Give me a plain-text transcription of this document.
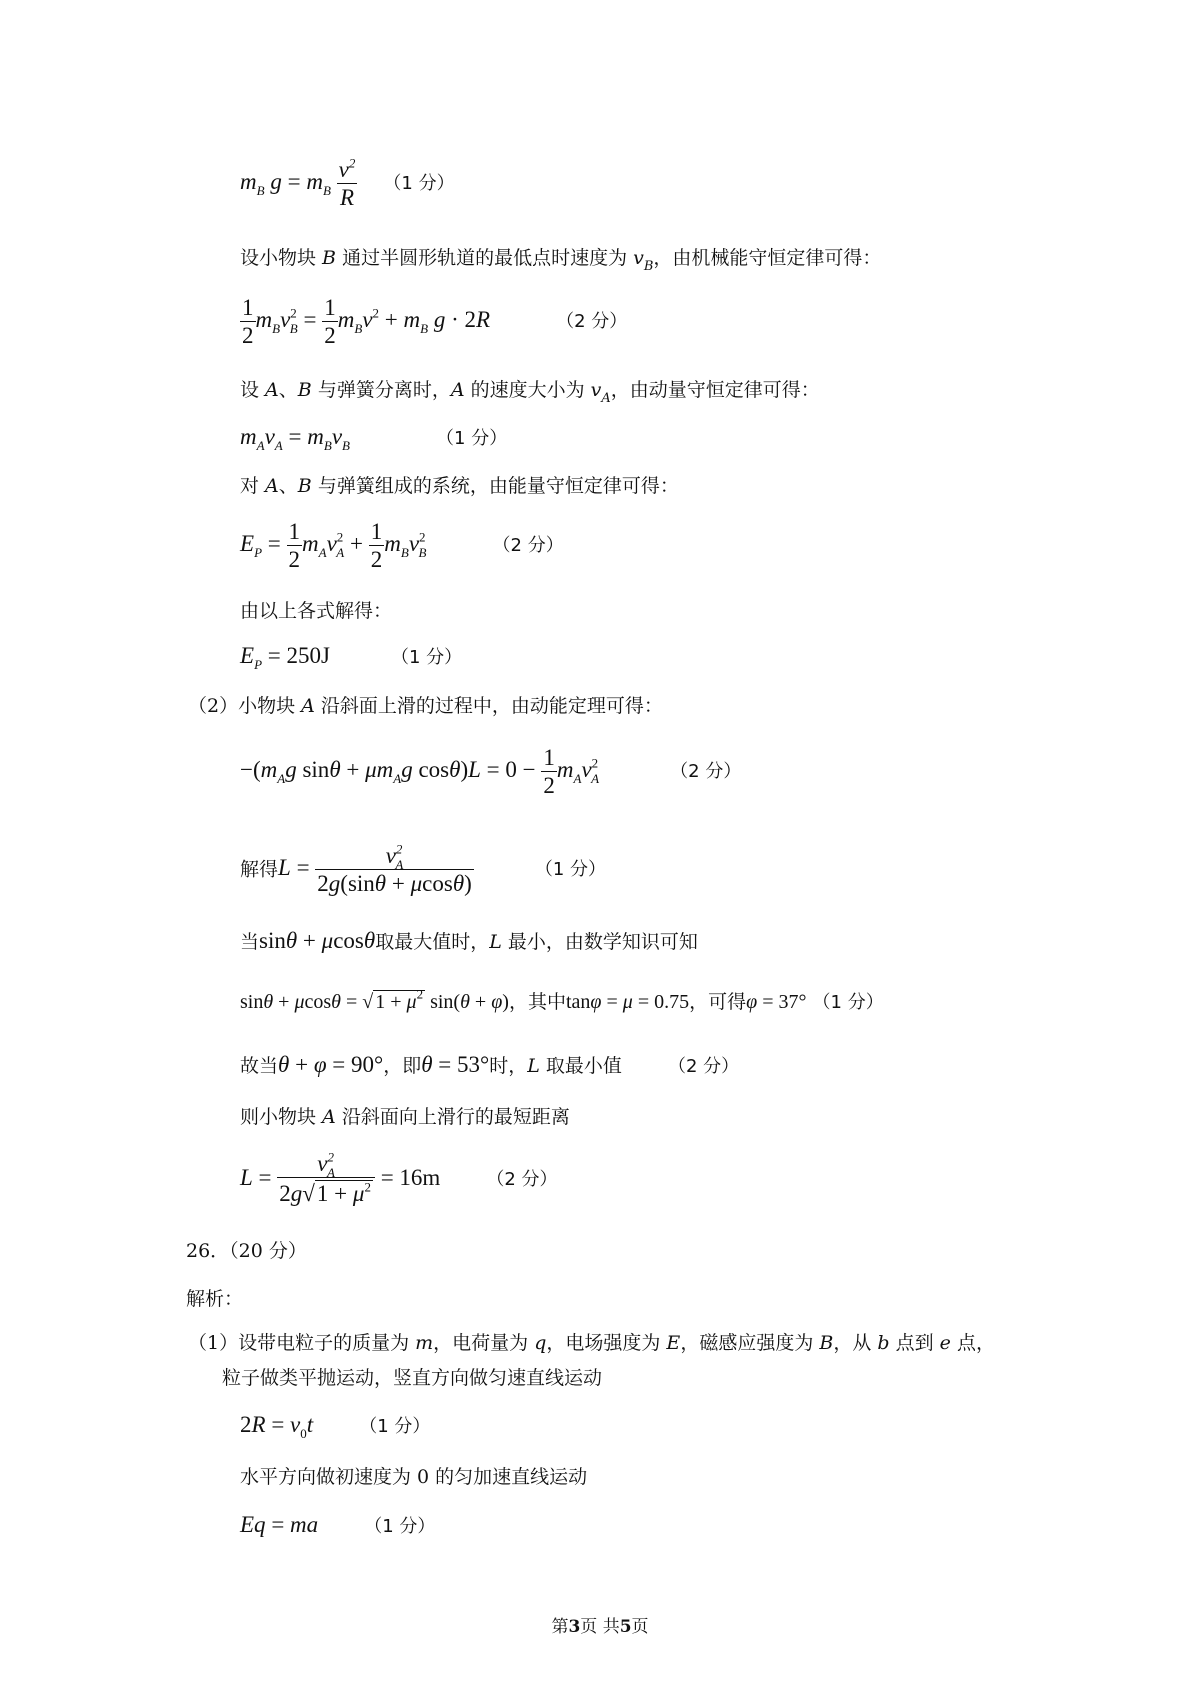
$m_B$ $g = m_B \frac{v^2}{R} (1$ 分）
设小物块 B 通过半圆形轨道的最低点时速度为 $v_B$，由机械能守恒定律可得：
$\frac{1}{2} m_Bv^2_B = \frac{1}{2} m_Bv^2 + m_B$ g · 2R	（2 分）
设 A、B 与弹簧分离时，A 的速度大小为 $v_A$，由动量守恒定律可得：
$m_Av_A = m_Bv_B$	（1 分）
对 A、B 与弹簧组成的系统，由能量守恒定律可得：
$E_P = \frac{1}{2} m_Av^2_A + \frac{1}{2} m_Bv^2_B$	（2 分）
由以上各式解得：
$E_P = 250J$	（1 分）
（2）小物块 A 沿斜面上滑的过程中，由动能定理可得：
$-(m_Ag$ $\sin\theta + \mu m_Ag$ $\cos\theta)L = 0 - \frac{1}{2} m_Av^2_A$	（2 分）
解得$L = \frac{v^2_A}{2g(\sin\theta + \mu\cos\theta)}$	（1 分）
当sinθ + μcosθ取最大值时，L 最小，由数学知识可知
sinθ + μcosθ = √ $1 + \mu^2$ sin(θ + φ)，其中tanφ = μ = 0.75，可得φ = 37° （1 分）
故当θ + φ = 90°，即θ = 53°时，L 取最小值	（2 分）
则小物块 A 沿斜面向上滑行的最短距离
$L = \frac{v^2_A}{2g√1 + \mu^2} = 16m$	（2 分）
26．（20 分）
解析：
（1）设带电粒子的质量为 m，电荷量为 q，电场强度为 E，磁感应强度为 B，从 b 点到 e 点，
粒子做类平抛运动，竖直方向做匀速直线运动
$2R = v_0t$	（1 分）
水平方向做初速度为 0 的匀加速直线运动
Eq = ma	（1 分）
第3页 共5页
